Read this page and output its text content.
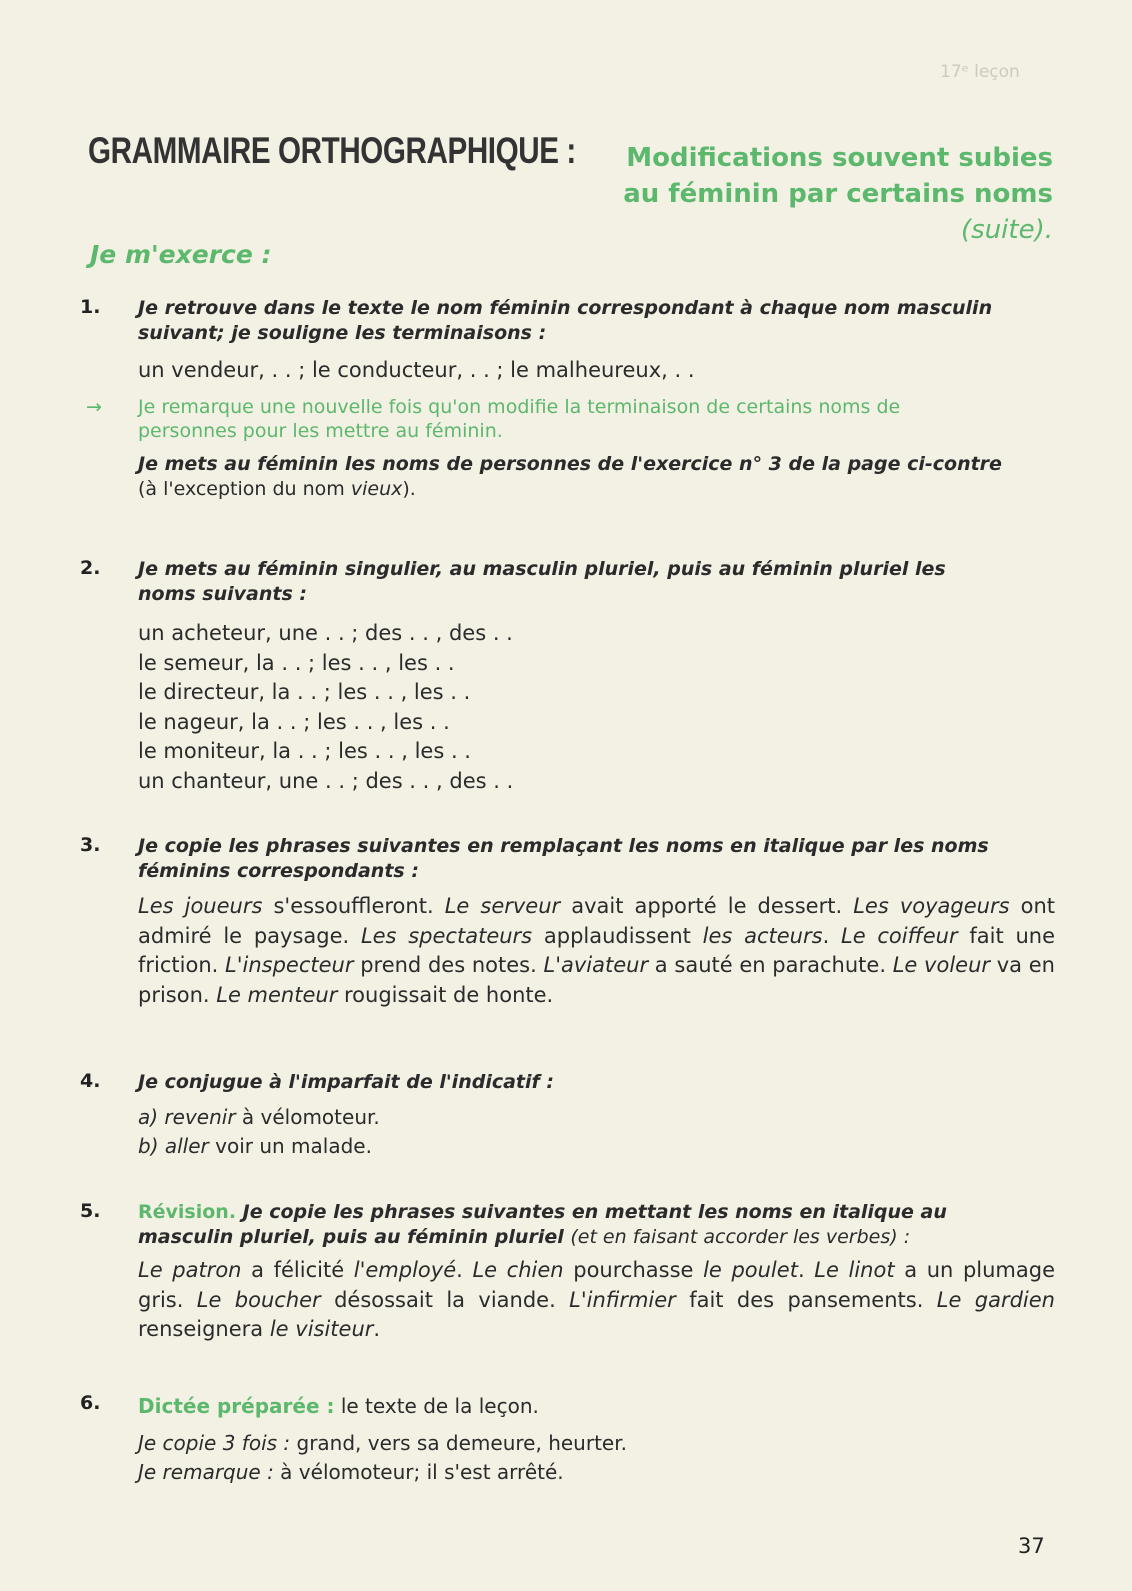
17ᵉ leçon
GRAMMAIRE ORTHOGRAPHIQUE : Modifications souvent subies
au féminin par certains noms
(suite).
Je m'exerce :
1. Je retrouve dans le texte le nom féminin correspondant à chaque nom masculin
suivant; je souligne les terminaisons :
un vendeur, . . ; le conducteur, . . ; le malheureux, . .
→ Je remarque une nouvelle fois qu'on modifie la terminaison de certains noms de
personnes pour les mettre au féminin.
Je mets au féminin les noms de personnes de l'exercice n° 3 de la page ci-contre
(à l'exception du nom vieux).
2. Je mets au féminin singulier, au masculin pluriel, puis au féminin pluriel les
noms suivants :
un acheteur, une . . ; des . . , des . .
le semeur, la . . ; les . . , les . .
le directeur, la . . ; les . . , les . .
le nageur, la . . ; les . . , les . .
le moniteur, la . . ; les . . , les . .
un chanteur, une . . ; des . . , des . .
3. Je copie les phrases suivantes en remplaçant les noms en italique par les noms
féminins correspondants :
Les joueurs s'essouffleront. Le serveur avait apporté le dessert. Les voyageurs ont admiré le paysage. Les spectateurs applaudissent les acteurs. Le coiffeur fait une friction. L'inspecteur prend des notes. L'aviateur a sauté en parachute. Le voleur va en prison. Le menteur rougissait de honte.
4. Je conjugue à l'imparfait de l'indicatif :
a) revenir à vélomoteur.
b) aller voir un malade.
5. Révision. Je copie les phrases suivantes en mettant les noms en italique au
masculin pluriel, puis au féminin pluriel (et en faisant accorder les verbes) :
Le patron a félicité l'employé. Le chien pourchasse le poulet. Le linot a un plumage gris. Le boucher désossait la viande. L'infirmier fait des pansements. Le gardien renseignera le visiteur.
6. Dictée préparée : le texte de la leçon.
Je copie 3 fois : grand, vers sa demeure, heurter.
Je remarque : à vélomoteur; il s'est arrêté.
37
